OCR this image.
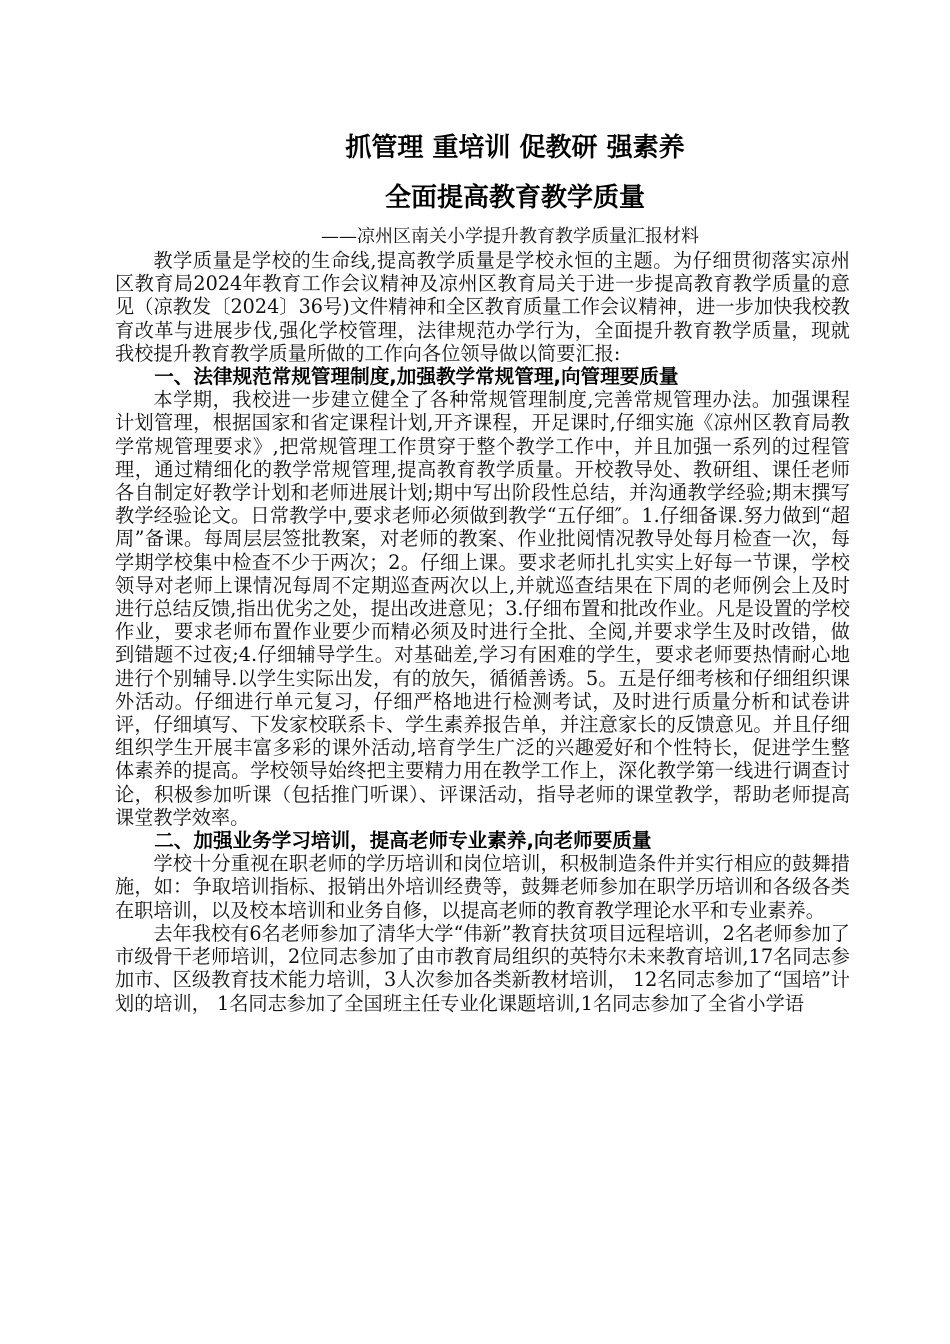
抓管理 重培训 促教研 强素养
全面提高教育教学质量
——凉州区南关小学提升教育教学质量汇报材料

教学质量是学校的生命线,提高教学质量是学校永恒的主题。为仔细贯彻落实凉州区教育局2024年教育工作会议精神及凉州区教育局关于进一步提高教育教学质量的意见（凉教发〔2024〕36号)文件精神和全区教育质量工作会议精神，进一步加快我校教育改革与进展步伐,强化学校管理，法律规范办学行为，全面提升教育教学质量，现就我校提升教育教学质量所做的工作向各位领导做以简要汇报:

一、法律规范常规管理制度,加强教学常规管理,向管理要质量

本学期，我校进一步建立健全了各种常规管理制度,完善常规管理办法。加强课程计划管理，根据国家和省定课程计划,开齐课程，开足课时,仔细实施《凉州区教育局教学常规管理要求》,把常规管理工作贯穿于整个教学工作中，并且加强一系列的过程管理，通过精细化的教学常规管理,提高教育教学质量。开校教导处、教研组、课任老师各自制定好教学计划和老师进展计划;期中写出阶段性总结，并沟通教学经验;期末撰写教学经验论文。日常教学中,要求老师必须做到教学“五仔细″。1.仔细备课.努力做到“超周”备课。每周层层签批教案，对老师的教案、作业批阅情况教导处每月检查一次，每学期学校集中检查不少于两次；2。仔细上课。要求老师扎扎实实上好每一节课，学校领导对老师上课情况每周不定期巡查两次以上,并就巡查结果在下周的老师例会上及时进行总结反馈,指出优劣之处，提出改进意见；3.仔细布置和批改作业。凡是设置的学校作业，要求老师布置作业要少而精必须及时进行全批、全阅,并要求学生及时改错，做到错题不过夜;4.仔细辅导学生。对基础差,学习有困难的学生，要求老师要热情耐心地进行个别辅导.以学生实际出发，有的放矢，循循善诱。5。五是仔细考核和仔细组织课外活动。仔细进行单元复习，仔细严格地进行检测考试，及时进行质量分析和试卷讲评，仔细填写、下发家校联系卡、学生素养报告单，并注意家长的反馈意见。并且仔细组织学生开展丰富多彩的课外活动,培育学生广泛的兴趣爱好和个性特长，促进学生整体素养的提高。学校领导始终把主要精力用在教学工作上，深化教学第一线进行调查讨论，积极参加听课（包括推门听课）、评课活动，指导老师的课堂教学，帮助老师提高课堂教学效率。

二、加强业务学习培训，提高老师专业素养,向老师要质量

学校十分重视在职老师的学历培训和岗位培训，积极制造条件并实行相应的鼓舞措施，如：争取培训指标、报销出外培训经费等，鼓舞老师参加在职学历培训和各级各类在职培训，以及校本培训和业务自修，以提高老师的教育教学理论水平和专业素养。

去年我校有6名老师参加了清华大学“伟新”教育扶贫项目远程培训，2名老师参加了市级骨干老师培训，2位同志参加了由市教育局组织的英特尔未来教育培训,17名同志参加市、区级教育技术能力培训，3人次参加各类新教材培训， 12名同志参加了“国培”计划的培训， 1名同志参加了全国班主任专业化课题培训,1名同志参加了全省小学语
